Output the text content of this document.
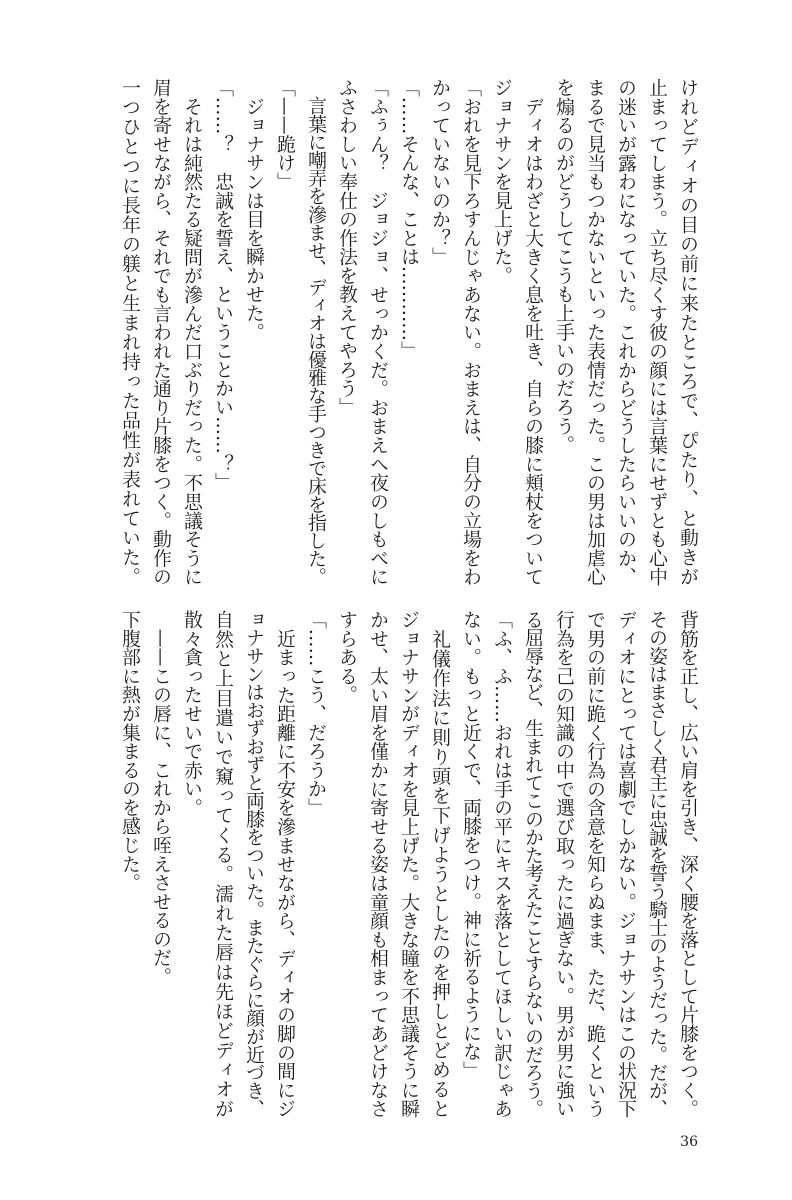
けれどディオの目の前に来たところで、ぴたり、と動きが
止まってしまう。立ち尽くす彼の顔には言葉にせずとも心中
の迷いが露わになっていた。これからどうしたらいいのか、
まるで見当もつかないといった表情だった。この男は加虐心
を煽るのがどうしてこうも上手いのだろう。
　ディオはわざと大きく息を吐き、自らの膝に頬杖をついて
ジョナサンを見上げた。
「おれを見下ろすんじゃあない。おまえは、自分の立場をわ
かっていないのか？」
「……そんな、ことは…………」
「ふぅん？　ジョジョ、せっかくだ。おまえへ夜のしもべに
ふさわしい奉仕の作法を教えてやろう」
　言葉に嘲弄を滲ませ、ディオは優雅な手つきで床を指した。
「——跪け」
　ジョナサンは目を瞬かせた。
「……？　忠誠を誓え、ということかい……？」
　それは純然たる疑問が滲んだ口ぶりだった。不思議そうに
眉を寄せながら、それでも言われた通り片膝をつく。動作の
一つひとつに長年の躾と生まれ持った品性が表れていた。
背筋を正し、広い肩を引き、深く腰を落として片膝をつく。
その姿はまさしく君主に忠誠を誓う騎士のようだった。だが、
ディオにとっては喜劇でしかない。ジョナサンはこの状況下
で男の前に跪く行為の含意を知らぬまま、ただ、跪くという
行為を己の知識の中で選び取ったに過ぎない。男が男に強い
る屈辱など、生まれてこのかた考えたことすらないのだろう。
「ふ、ふ……おれは手の平にキスを落としてほしい訳じゃあ
ない。もっと近くで、両膝をつけ。神に祈るようにな」
　礼儀作法に則り頭を下げようとしたのを押しとどめると
ジョナサンがディオを見上げた。大きな瞳を不思議そうに瞬
かせ、太い眉を僅かに寄せる姿は童顔も相まってあどけなさ
すらある。
「……こう、だろうか」
　近まった距離に不安を滲ませながら、ディオの脚の間にジ
ョナサンはおずおずと両膝をついた。またぐらに顔が近づき、
自然と上目遣いで窺ってくる。濡れた唇は先ほどディオが
散々貪ったせいで赤い。
　——この唇に、これから咥えさせるのだ。
下腹部に熱が集まるのを感じた。
36
